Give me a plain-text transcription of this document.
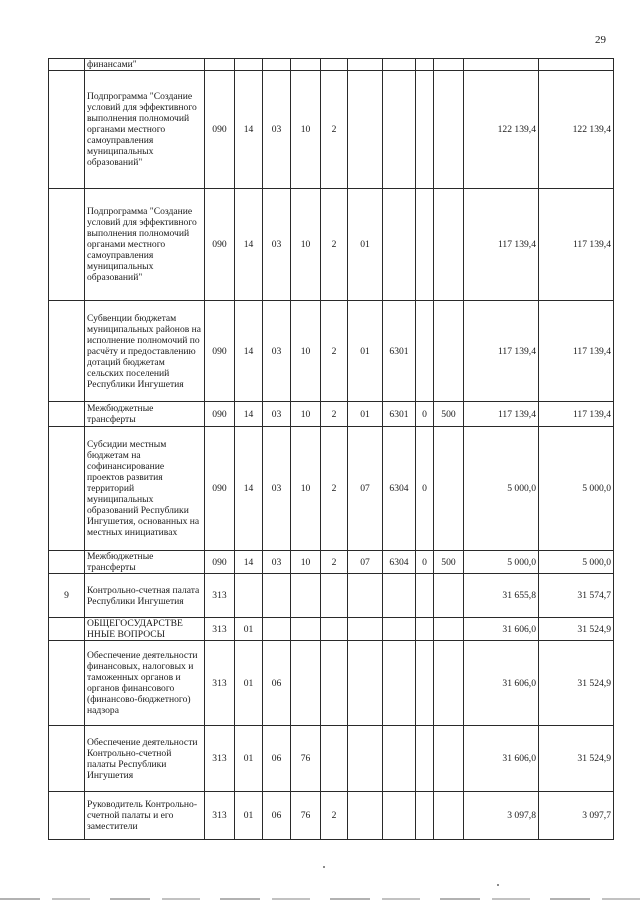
29
	финансами"											
	Подпрограмма "Создание условий для эффективного выполнения полномочий органами местного самоуправления муниципальных образований"	090	14	03	10	2					122 139,4	122 139,4
	Подпрограмма "Создание условий для эффективного выполнения полномочий органами местного самоуправления муниципальных образований"	090	14	03	10	2	01				117 139,4	117 139,4
	Субвенции бюджетам муниципальных районов на исполнение полномочий по расчёту и предоставлению дотаций бюджетам сельских поселений Республики Ингушетия	090	14	03	10	2	01	6301			117 139,4	117 139,4
	Межбюджетные трансферты	090	14	03	10	2	01	6301	0	500	117 139,4	117 139,4
	Субсидии местным бюджетам на софинансирование проектов развития территорий муниципальных образований Республики Ингушетия, основанных на местных инициативах	090	14	03	10	2	07	6304	0		5 000,0	5 000,0
	Межбюджетные трансферты	090	14	03	10	2	07	6304	0	500	5 000,0	5 000,0
9	Контрольно-счетная палата Республики Ингушетия	313									31 655,8	31 574,7
	ОБЩЕГОСУДАРСТВЕ ННЫЕ ВОПРОСЫ	313	01								31 606,0	31 524,9
	Обеспечение деятельности финансовых, налоговых и таможенных органов и органов финансового (финансово-бюджетного) надзора	313	01	06							31 606,0	31 524,9
	Обеспечение деятельности Контрольно-счетной палаты Республики Ингушетия	313	01	06	76						31 606,0	31 524,9
	Руководитель Контрольно-счетной палаты и его заместители	313	01	06	76	2					3 097,8	3 097,7
